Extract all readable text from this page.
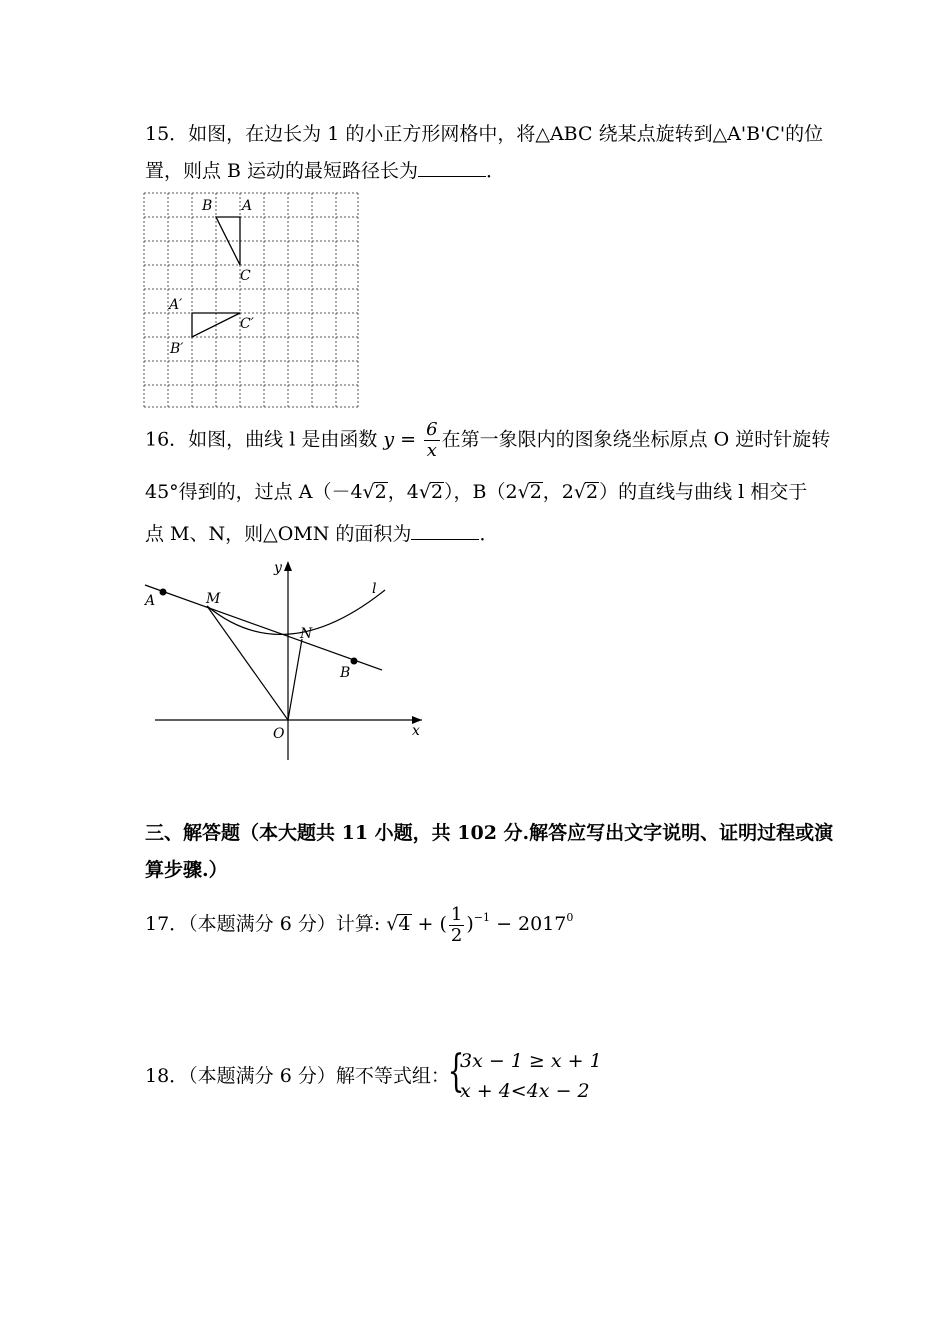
15．如图，在边长为 1 的小正方形网格中，将△ABC 绕某点旋转到△A'B'C'的位
置，则点 B 运动的最短路径长为	．
B A
C
A′
C′
B′
16．如图，曲线 l 是由函数 $y = \frac{6}{x}$ 在第一象限内的图象绕坐标原点 O 逆时针旋转
45°得到的，过点 A（－4√2，4√2），B（2√2，2√2）的直线与曲线 l 相交于
点 M、N，则△OMN 的面积为	．
A
B
M
N
l
y
x
O
三、解答题（本大题共 11 小题，共 102 分.解答应写出文字说明、证明过程或演
算步骤.）
17．（本题满分 6 分）计算: √4 + ( $\frac{1}{2} )^{-1} - 2017^0$
18．（本题满分 6 分）解不等式组：
{
3x − 1 ≥ x + 1
x + 4<4x − 2
